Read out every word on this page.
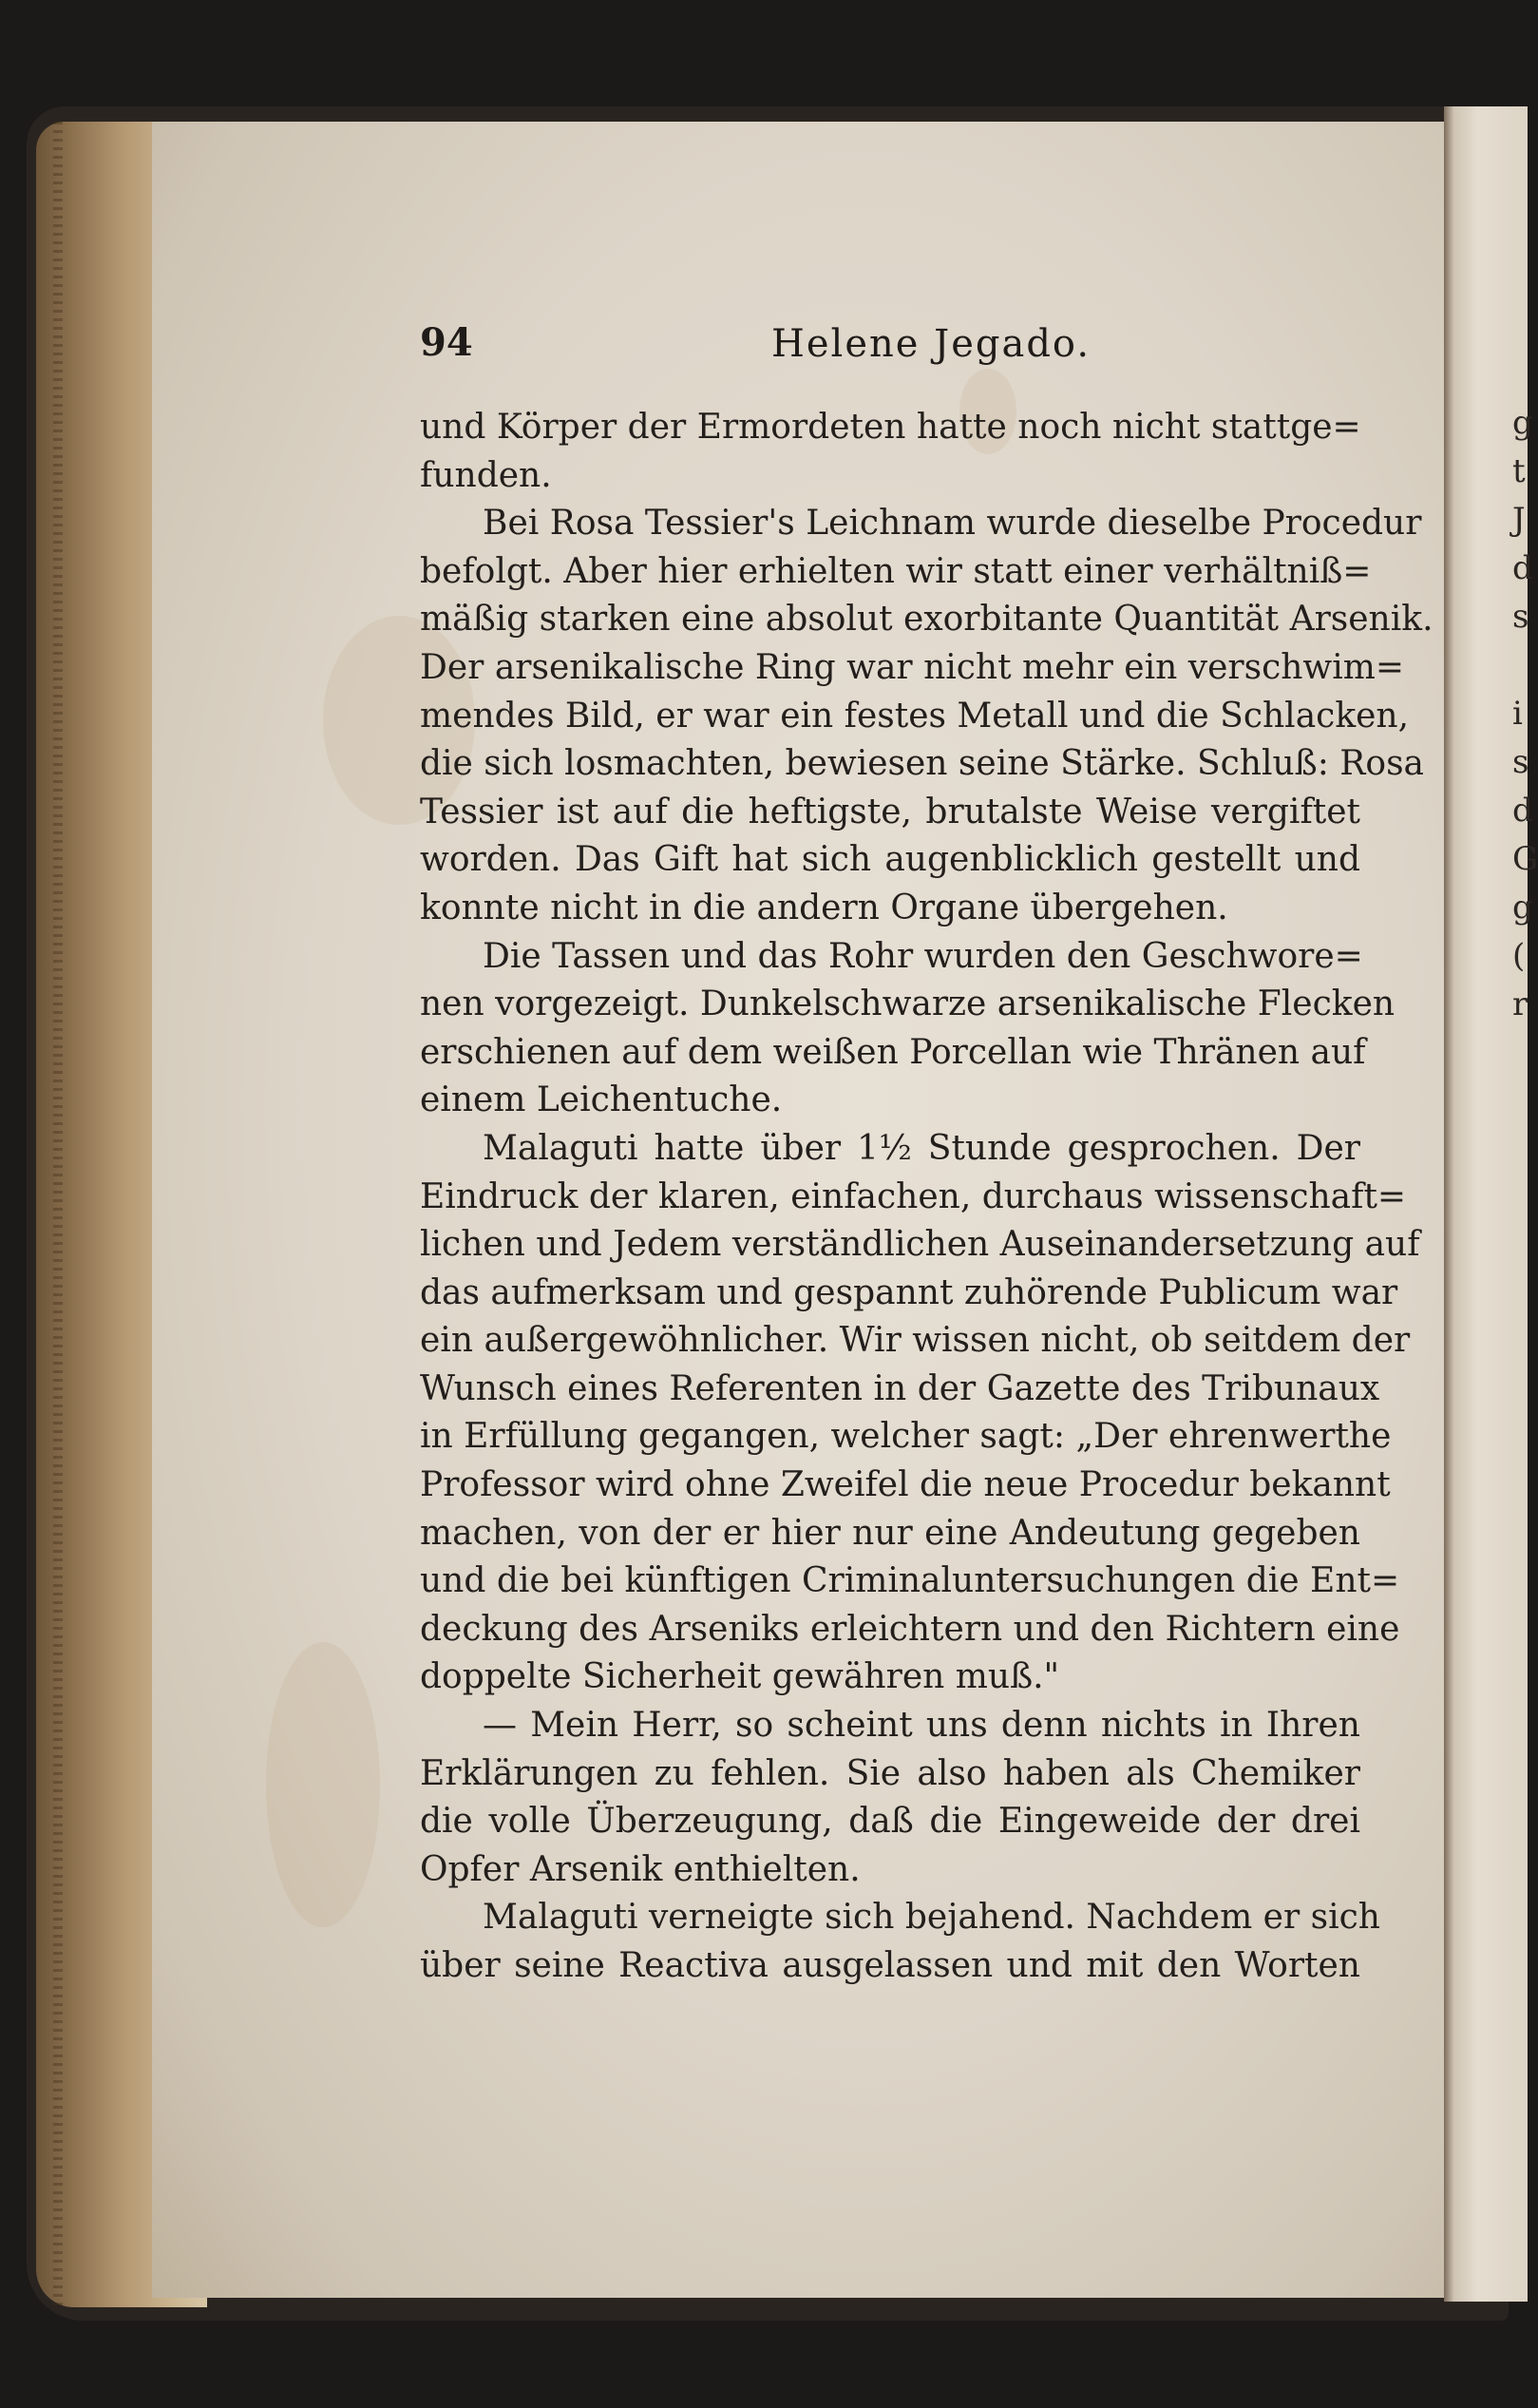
g
t
J
d
s
i
s
d
G
g
(
r
94	Helene Jegado.
und Körper der Ermordeten hatte noch nicht stattge=
funden.
Bei Rosa Tessier's Leichnam wurde dieselbe Procedur
befolgt. Aber hier erhielten wir statt einer verhältniß=
mäßig starken eine absolut exorbitante Quantität Arsenik.
Der arsenikalische Ring war nicht mehr ein verschwim=
mendes Bild, er war ein festes Metall und die Schlacken,
die sich losmachten, bewiesen seine Stärke. Schluß: Rosa
Tessier ist auf die heftigste, brutalste Weise vergiftet
worden. Das Gift hat sich augenblicklich gestellt und
konnte nicht in die andern Organe übergehen.
Die Tassen und das Rohr wurden den Geschwore=
nen vorgezeigt. Dunkelschwarze arsenikalische Flecken
erschienen auf dem weißen Porcellan wie Thränen auf
einem Leichentuche.
Malaguti hatte über 1½ Stunde gesprochen. Der
Eindruck der klaren, einfachen, durchaus wissenschaft=
lichen und Jedem verständlichen Auseinandersetzung auf
das aufmerksam und gespannt zuhörende Publicum war
ein außergewöhnlicher. Wir wissen nicht, ob seitdem der
Wunsch eines Referenten in der Gazette des Tribunaux
in Erfüllung gegangen, welcher sagt: „Der ehrenwerthe
Professor wird ohne Zweifel die neue Procedur bekannt
machen, von der er hier nur eine Andeutung gegeben
und die bei künftigen Criminaluntersuchungen die Ent=
deckung des Arseniks erleichtern und den Richtern eine
doppelte Sicherheit gewähren muß."
— Mein Herr, so scheint uns denn nichts in Ihren
Erklärungen zu fehlen. Sie also haben als Chemiker
die volle Überzeugung, daß die Eingeweide der drei
Opfer Arsenik enthielten.
Malaguti verneigte sich bejahend. Nachdem er sich
über seine Reactiva ausgelassen und mit den Worten
